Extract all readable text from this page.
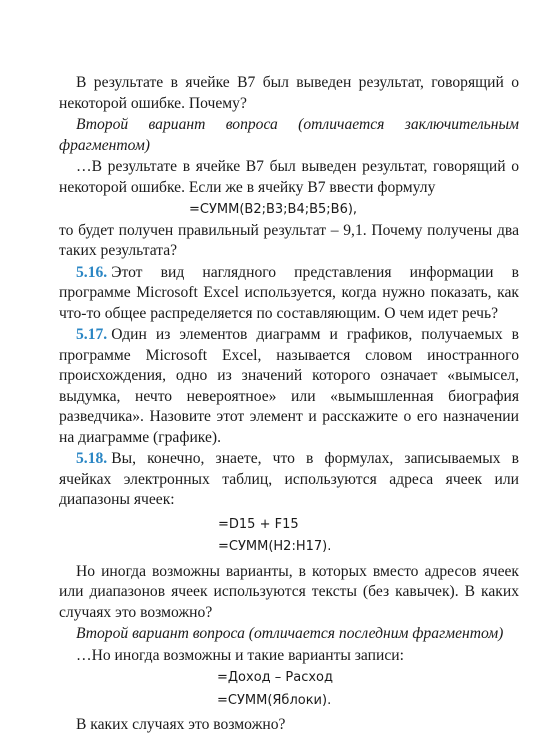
В результате в ячейке B7 был выведен результат, говорящий о некоторой ошибке. Почему?

Второй вариант вопроса (отличается заключительным фрагментом)

…В результате в ячейке B7 был выведен результат, говорящий о некоторой ошибке. Если же в ячейку B7 ввести формулу

=СУММ(B2;B3;B4;B5;B6),

то будет получен правильный результат – 9,1. Почему получены два таких результата?

5.16. Этот вид наглядного представления информации в программе Microsoft Excel используется, когда нужно показать, как что-то общее распределяется по составляющим. О чем идет речь?

5.17. Один из элементов диаграмм и графиков, получаемых в программе Microsoft Excel, называется словом иностранного происхождения, одно из значений которого означает «вымысел, выдумка, нечто невероятное» или «вымышленная биография разведчика». Назовите этот элемент и расскажите о его назначении на диаграмме (графике).

5.18. Вы, конечно, знаете, что в формулах, записываемых в ячейках электронных таблиц, используются адреса ячеек или диапазоны ячеек:

=D15 + F15

=СУММ(H2:H17).

Но иногда возможны варианты, в которых вместо адресов ячеек или диапазонов ячеек используются тексты (без кавычек). В каких случаях это возможно?

Второй вариант вопроса (отличается последним фрагментом)

…Но иногда возможны и такие варианты записи:

=Доход – Расход

=СУММ(Яблоки).

В каких случаях это возможно?
